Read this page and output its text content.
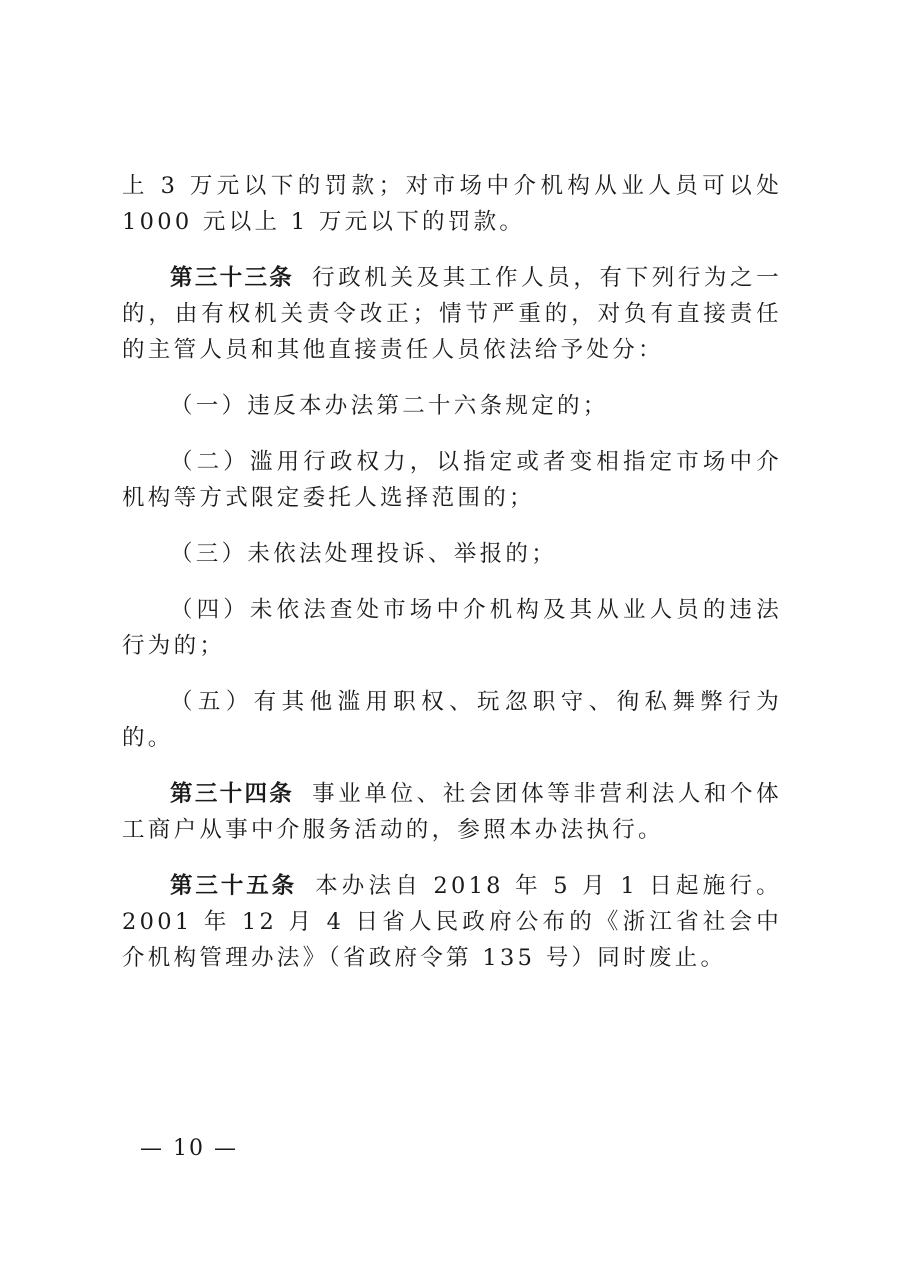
上 3 万元以下的罚款；对市场中介机构从业人员可以处 1000 元以上 1 万元以下的罚款。

第三十三条 行政机关及其工作人员，有下列行为之一的，由有权机关责令改正；情节严重的，对负有直接责任的主管人员和其他直接责任人员依法给予处分：

（一）违反本办法第二十六条规定的；

（二）滥用行政权力，以指定或者变相指定市场中介机构等方式限定委托人选择范围的；

（三）未依法处理投诉、举报的；

（四）未依法查处市场中介机构及其从业人员的违法行为的；

（五）有其他滥用职权、玩忽职守、徇私舞弊行为的。

第三十四条 事业单位、社会团体等非营利法人和个体工商户从事中介服务活动的，参照本办法执行。

第三十五条 本办法自 2018 年 5 月 1 日起施行。2001 年 12 月 4 日省人民政府公布的《浙江省社会中介机构管理办法》（省政府令第 135 号）同时废止。

— 10 —
